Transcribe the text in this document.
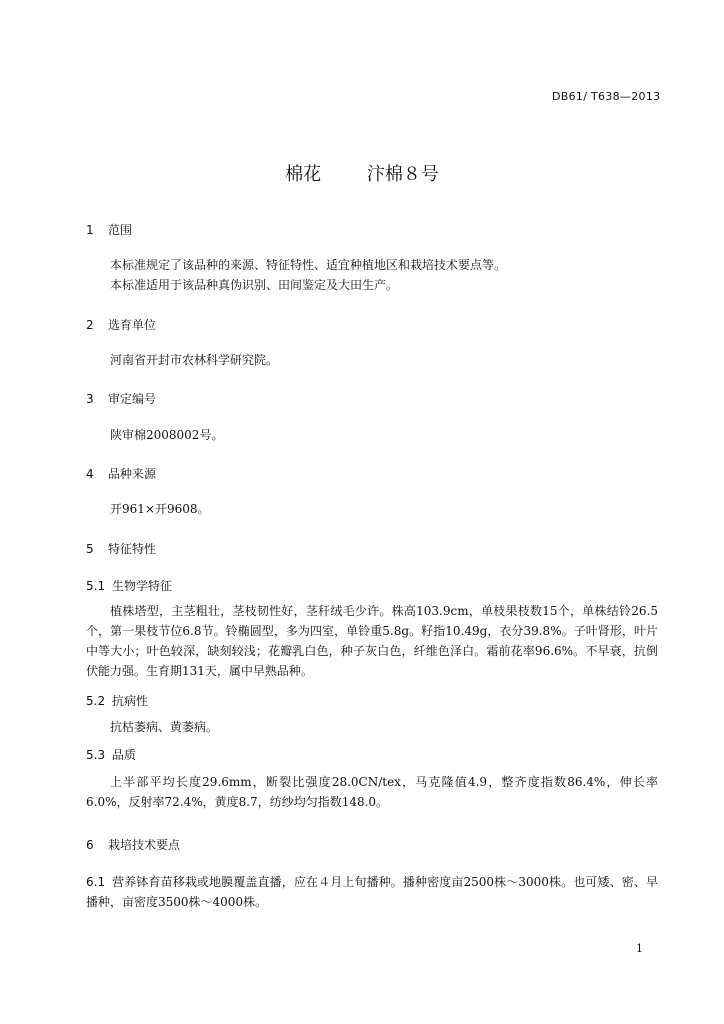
DB61/ T638—2013
棉花　 汴棉８号
1 范围
本标准规定了该品种的来源、特征特性、适宜种植地区和栽培技术要点等。
本标准适用于该品种真伪识别、田间鉴定及大田生产。
2 选育单位
河南省开封市农林科学研究院。
3 审定编号
陕审棉2008002号。
4 品种来源
开961×开9608。
5 特征特性
5.1 生物学特征
植株塔型，主茎粗壮，茎枝韧性好，茎秆绒毛少许。株高103.9cm，单枝果枝数15个，单株结铃26.5个，第一果枝节位6.8节。铃椭圆型，多为四室，单铃重5.8g。籽指10.49g，衣分39.8%。子叶肾形，叶片中等大小；叶色较深，缺刻较浅；花瓣乳白色，种子灰白色，纤维色泽白。霜前花率96.6%。不早衰，抗倒伏能力强。生育期131天，属中早熟品种。
5.2 抗病性
抗枯萎病、黄萎病。
5.3 品质
上半部平均长度29.6mm，断裂比强度28.0CN/tex，马克隆值4.9，整齐度指数86.4%，伸长率6.0%，反射率72.4%，黄度8.7，纺纱均匀指数148.0。
6 栽培技术要点
6.1 营养钵育苗移栽或地膜覆盖直播，应在４月上旬播种。播种密度亩2500株～3000株。也可矮、密、早播种，亩密度3500株～4000株。
1
